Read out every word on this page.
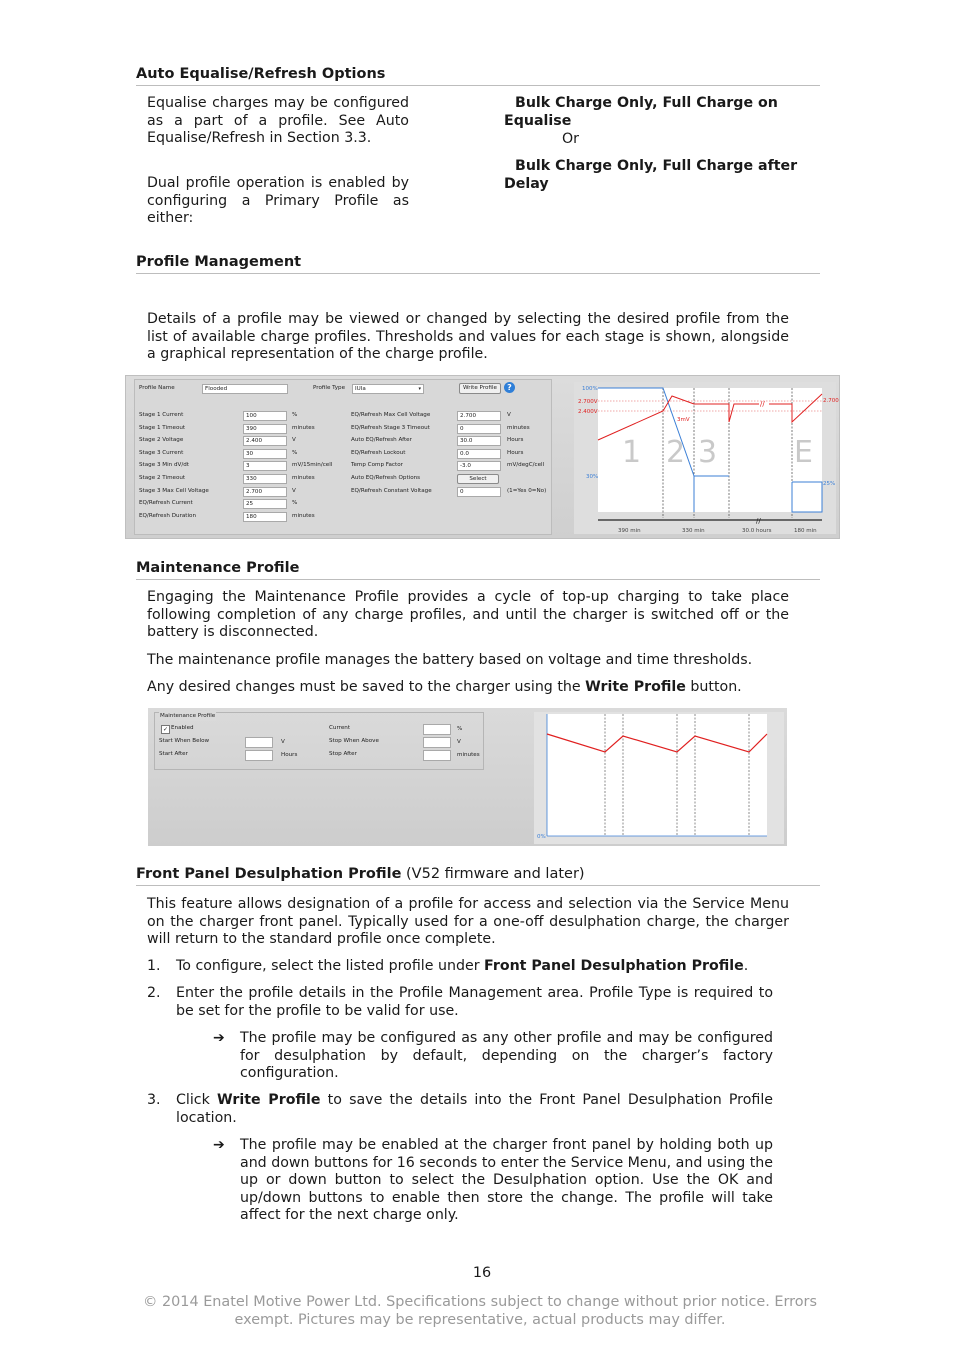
Auto Equalise/Refresh Options

Equalise charges may be configured as a part of a profile. See Auto Equalise/Refresh in Section 3.3.

Dual profile operation is enabled by configuring a Primary Profile as either:

Bulk Charge Only, Full Charge on Equalise
Or
Bulk Charge Only, Full Charge after Delay
Profile Management

Details of a profile may be viewed or changed by selecting the desired profile from the list of available charge profiles. Thresholds and values for each stage is shown, alongside a graphical representation of the charge profile.

Profile Name	Flooded	Profile Type	IUIa	▾	Write Profile	?
Stage 1 Current	100	%
Stage 1 Timeout	390	minutes
Stage 2 Voltage	2.400	V
Stage 3 Current	30	%
Stage 3 Min dV/dt	3	mV/15min/cell
Stage 2 Timeout	330	minutes
Stage 3 Max Cell Voltage	2.700	V
EQ/Refresh Current	25	%
EQ/Refresh Duration	180	minutes
EQ/Refresh Max Cell Voltage	2.700	V
EQ/Refresh Stage 3 Timeout	0	minutes
Auto EQ/Refresh After	30.0	Hours
EQ/Refresh Lockout	0.0	Hours
Temp Comp Factor	-3.0	mV/degC/cell
Auto EQ/Refresh Options	Select
EQ/Refresh Constant Voltage	0	(1=Yes 0=No)
1 2 3	E
//
100%
2.700V
2.400V
30%
25%
2.700
3mV
//
390 min	330 min	30.0 hours	180 min
Maintenance Profile

Engaging the Maintenance Profile provides a cycle of top-up charging to take place following completion of any charge profiles, and until the charger is switched off or the battery is disconnected.

The maintenance profile manages the battery based on voltage and time thresholds.

Any desired changes must be saved to the charger using the Write Profile button.

Maintenance Profile
✓ Enabled
Start When Below	V
Start After	Hours
Current	%
Stop When Above	V
Stop After	minutes
0%
Front Panel Desulphation Profile (V52 firmware and later)

This feature allows designation of a profile for access and selection via the Service Menu on the charger front panel. Typically used for a one-off desulphation charge, the charger will return to the standard profile once complete.

1. To configure, select the listed profile under Front Panel Desulphation Profile.

2. Enter the profile details in the Profile Management area. Profile Type is required to be set for the profile to be valid for use.

➔ The profile may be configured as any other profile and may be configured for desulphation by default, depending on the charger’s factory configuration.

3. Click Write Profile to save the details into the Front Panel Desulphation Profile location.

➔ The profile may be enabled at the charger front panel by holding both up and down buttons for 16 seconds to enter the Service Menu, and using the up or down button to select the Desulphation option. Use the OK and up/down buttons to enable then store the change. The profile will take affect for the next charge only.

16
© 2014 Enatel Motive Power Ltd. Specifications subject to change without prior notice. Errors
exempt. Pictures may be representative, actual products may differ.
